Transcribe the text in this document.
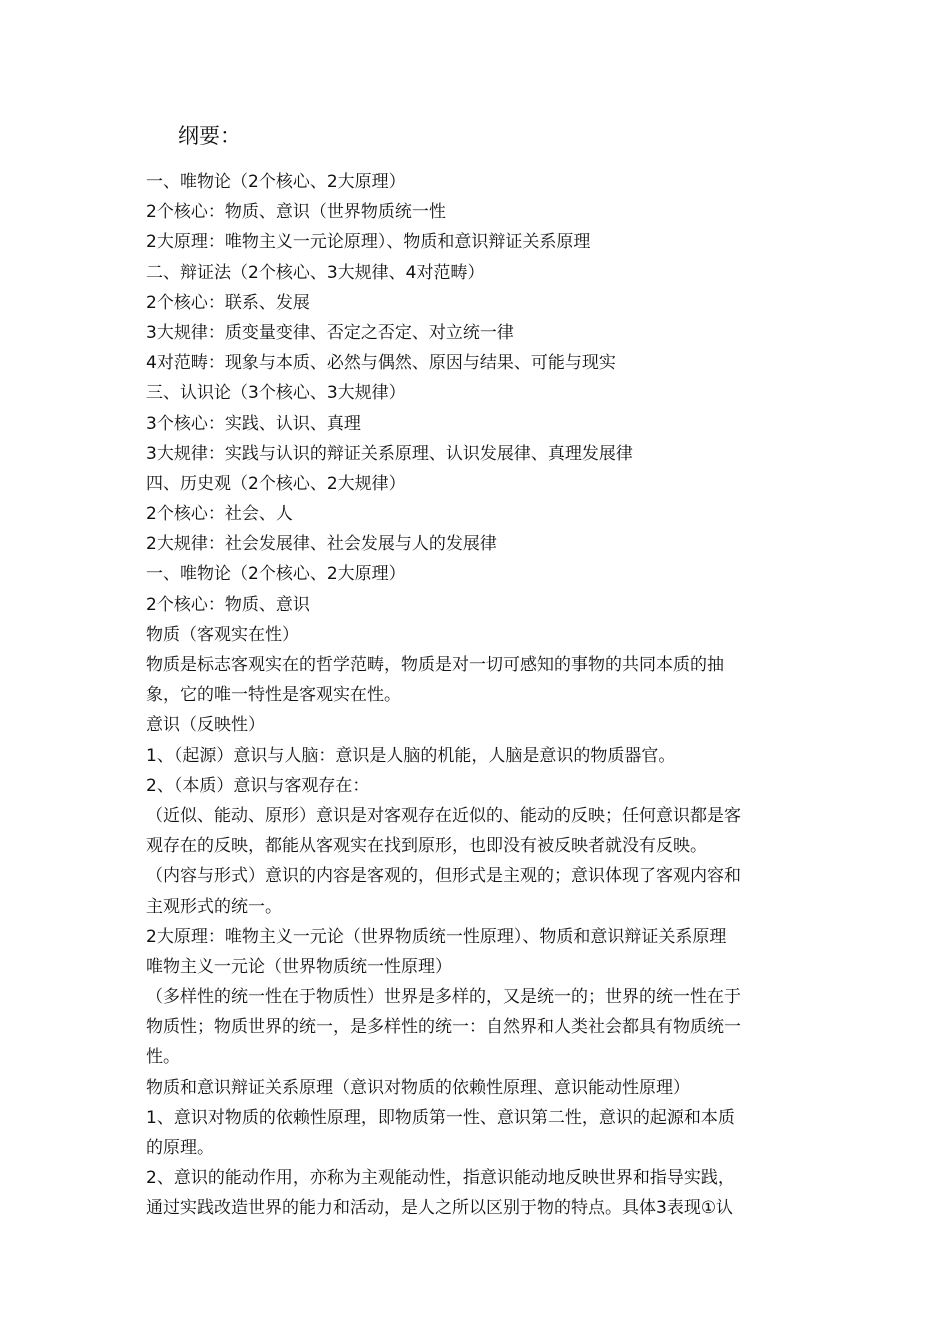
纲要：
一、唯物论（2个核心、2大原理）
2个核心：物质、意识（世界物质统一性
2大原理：唯物主义一元论原理）、物质和意识辩证关系原理
二、辩证法（2个核心、3大规律、4对范畴）
2个核心：联系、发展
3大规律：质变量变律、否定之否定、对立统一律
4对范畴：现象与本质、必然与偶然、原因与结果、可能与现实
三、认识论（3个核心、3大规律）
3个核心：实践、认识、真理
3大规律：实践与认识的辩证关系原理、认识发展律、真理发展律
四、历史观（2个核心、2大规律）
2个核心：社会、人
2大规律：社会发展律、社会发展与人的发展律
一、唯物论（2个核心、2大原理）
2个核心：物质、意识
物质（客观实在性）
物质是标志客观实在的哲学范畴，物质是对一切可感知的事物的共同本质的抽
象，它的唯一特性是客观实在性。
意识（反映性）
1、（起源）意识与人脑：意识是人脑的机能，人脑是意识的物质器官。
2、（本质）意识与客观存在：
（近似、能动、原形）意识是对客观存在近似的、能动的反映；任何意识都是客
观存在的反映，都能从客观实在找到原形，也即没有被反映者就没有反映。
（内容与形式）意识的内容是客观的，但形式是主观的；意识体现了客观内容和
主观形式的统一。
2大原理：唯物主义一元论（世界物质统一性原理）、物质和意识辩证关系原理
唯物主义一元论（世界物质统一性原理）
（多样性的统一性在于物质性）世界是多样的，又是统一的；世界的统一性在于
物质性；物质世界的统一，是多样性的统一：自然界和人类社会都具有物质统一
性。
物质和意识辩证关系原理（意识对物质的依赖性原理、意识能动性原理）
1、意识对物质的依赖性原理，即物质第一性、意识第二性，意识的起源和本质
的原理。
2、意识的能动作用，亦称为主观能动性，指意识能动地反映世界和指导实践，
通过实践改造世界的能力和活动，是人之所以区别于物的特点。具体3表现①认
